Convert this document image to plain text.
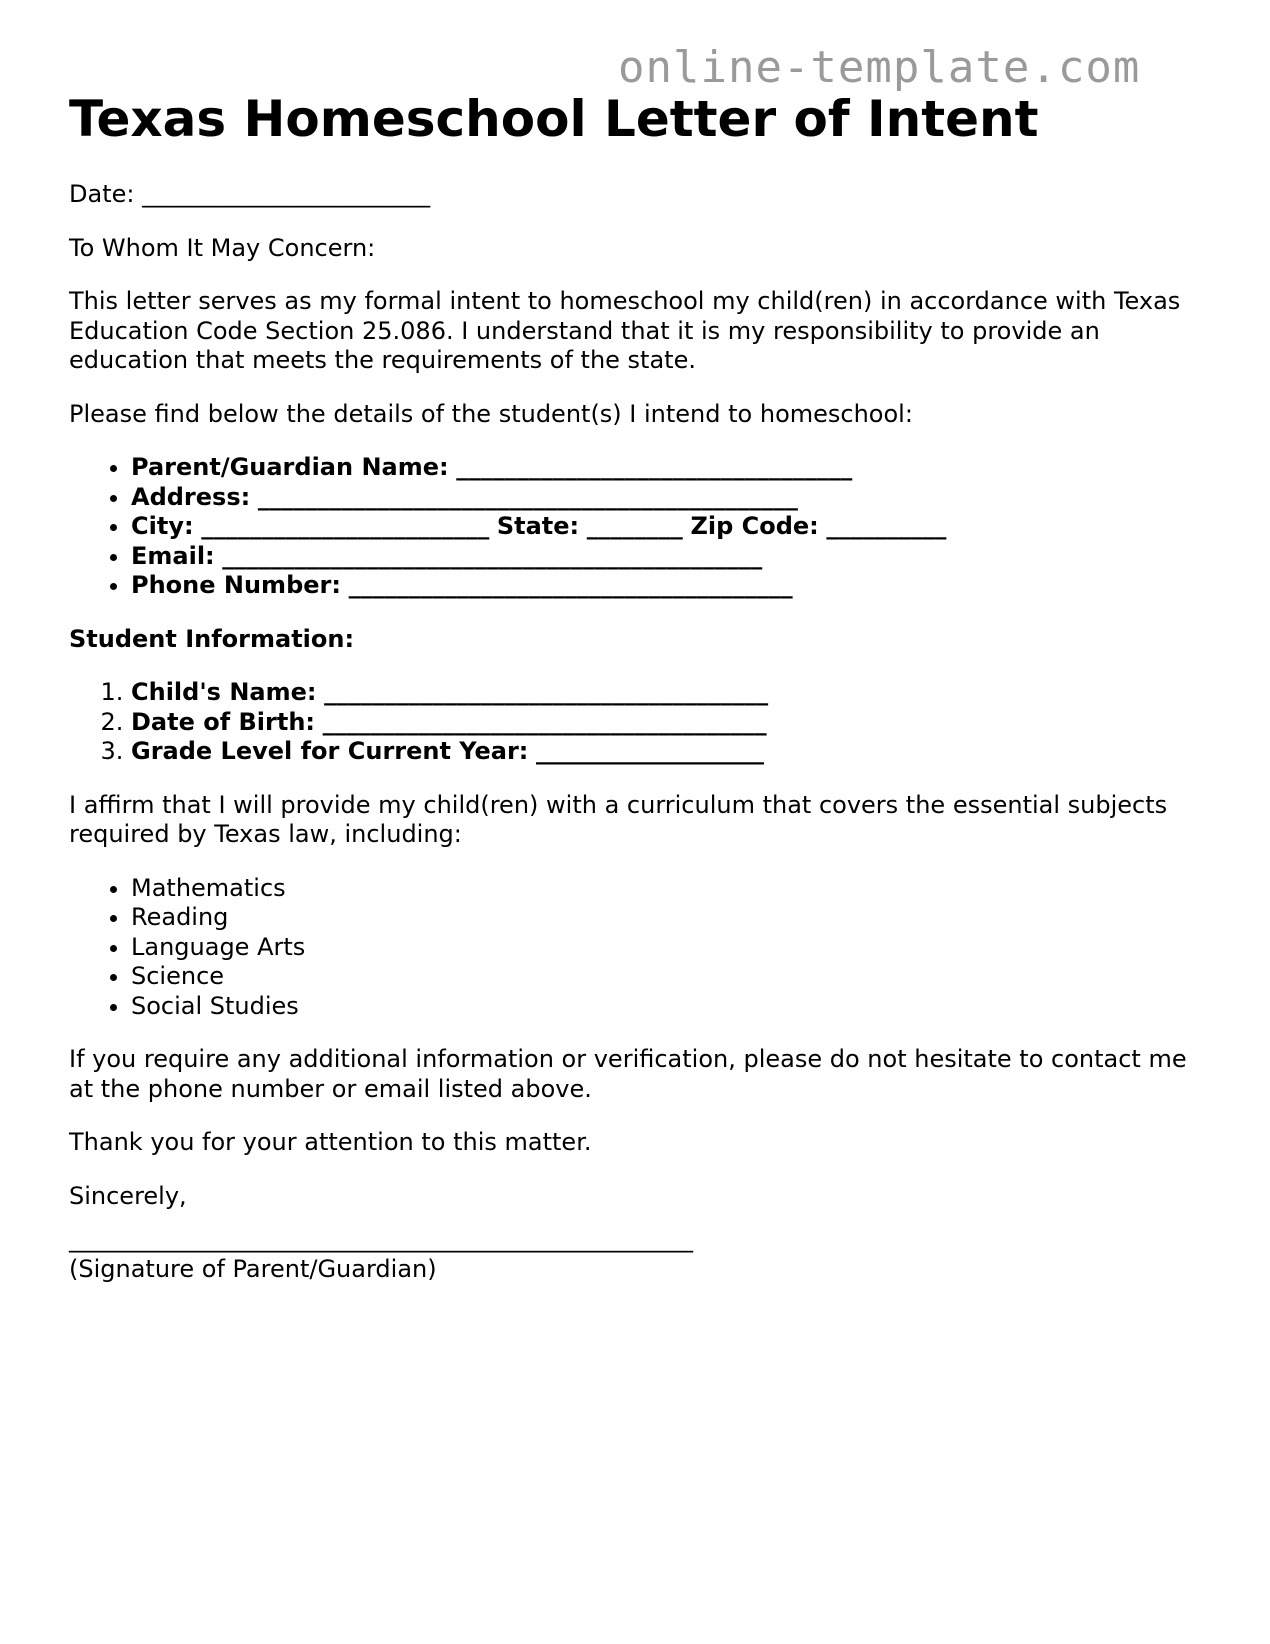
online-template.com
Texas Homeschool Letter of Intent

Date: ________________________

To Whom It May Concern:

This letter serves as my formal intent to homeschool my child(ren) in accordance with Texas Education Code Section 25.086. I understand that it is my responsibility to provide an education that meets the requirements of the state.

Please find below the details of the student(s) I intend to homeschool:

• Parent/Guardian Name: _________________________________
• Address: _____________________________________________
• City: ________________________ State: ________ Zip Code: __________
• Email: _____________________________________________
• Phone Number: _____________________________________

Student Information:

1. Child's Name: _____________________________________
2. Date of Birth: _____________________________________
3. Grade Level for Current Year: ___________________

I affirm that I will provide my child(ren) with a curriculum that covers the essential subjects required by Texas law, including:

• Mathematics
• Reading
• Language Arts
• Science
• Social Studies

If you require any additional information or verification, please do not hesitate to contact me at the phone number or email listed above.

Thank you for your attention to this matter.

Sincerely,

____________________________________________________
(Signature of Parent/Guardian)
